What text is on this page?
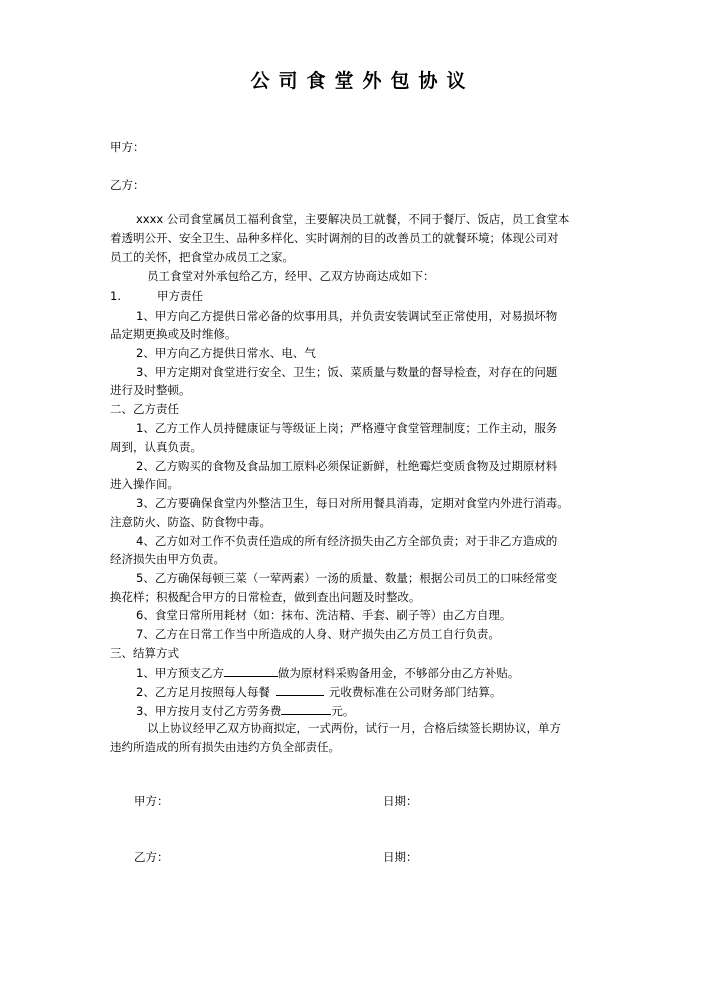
公司食堂外包协议
甲方：
乙方：
xxxx 公司食堂属员工福利食堂，主要解决员工就餐，不同于餐厅、饭店，员工食堂本
着透明公开、安全卫生、品种多样化、实时调剂的目的改善员工的就餐环境；体现公司对
员工的关怀，把食堂办成员工之家。
员工食堂对外承包给乙方，经甲、乙双方协商达成如下：
1.	甲方责任
1、甲方向乙方提供日常必备的炊事用具，并负责安装调试至正常使用，对易损坏物
品定期更换或及时维修。
2、甲方向乙方提供日常水、电、气
3、甲方定期对食堂进行安全、卫生；饭、菜质量与数量的督导检查，对存在的问题
进行及时整顿。
二、乙方责任
1、乙方工作人员持健康证与等级证上岗；严格遵守食堂管理制度；工作主动，服务
周到，认真负责。
2、乙方购买的食物及食品加工原料必须保证新鲜，杜绝霉烂变质食物及过期原材料
进入操作间。
3、乙方要确保食堂内外整洁卫生，每日对所用餐具消毒，定期对食堂内外进行消毒。
注意防火、防盗、防食物中毒。
4、乙方如对工作不负责任造成的所有经济损失由乙方全部负责；对于非乙方造成的
经济损失由甲方负责。
5、乙方确保每顿三菜（一荤两素）一汤的质量、数量；根据公司员工的口味经常变
换花样；积极配合甲方的日常检查，做到查出问题及时整改。
6、食堂日常所用耗材（如：抹布、洗洁精、手套、刷子等）由乙方自理。
7、乙方在日常工作当中所造成的人身、财产损失由乙方员工自行负责。
三、结算方式
1、甲方预支乙方	做为原材料采购备用金，不够部分由乙方补贴。
2、乙方足月按照每人每餐	元收费标准在公司财务部门结算。
3、甲方按月支付乙方劳务费	元。
以上协议经甲乙双方协商拟定，一式两份，试行一月，合格后续签长期协议，单方
违约所造成的所有损失由违约方负全部责任。
甲方：	日期：
乙方：	日期：
